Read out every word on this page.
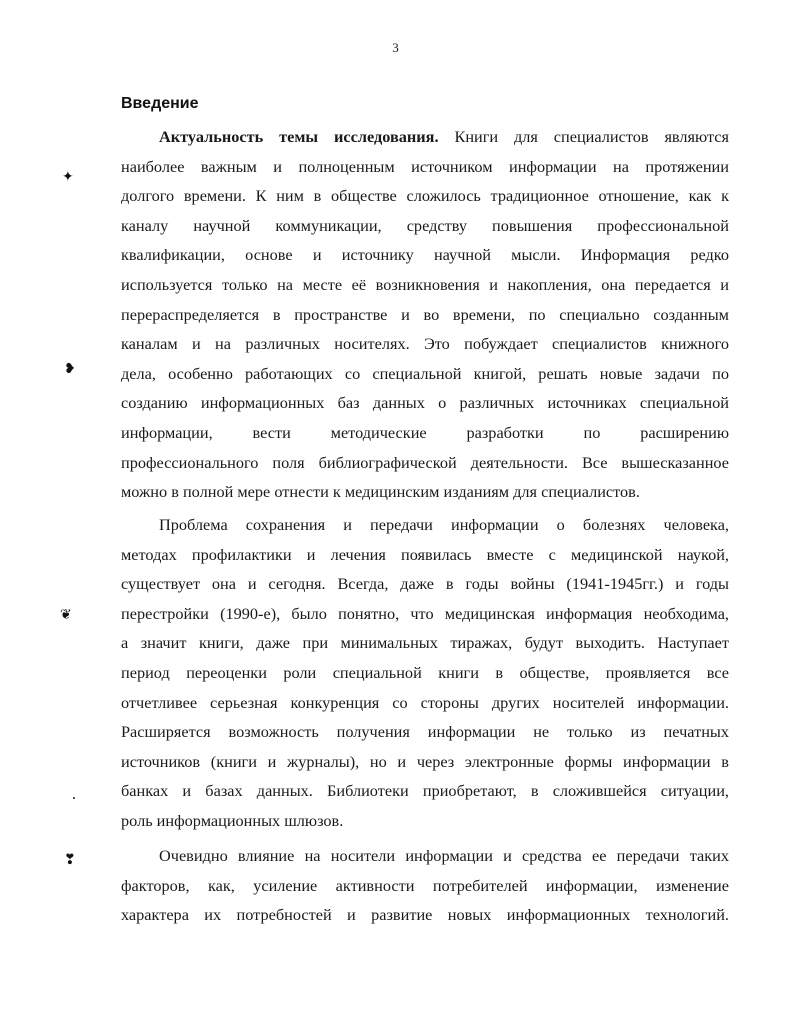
3
Введение

Актуальность темы исследования. Книги для специалистов являются
наиболее важным и полноценным источником информации на протяжении
долгого времени. К ним в обществе сложилось традиционное отношение, как к
каналу научной коммуникации, средству повышения профессиональной
квалификации, основе и источнику научной мысли. Информация редко
используется только на месте её возникновения и накопления, она передается и
перераспределяется в пространстве и во времени, по специально созданным
каналам и на различных носителях. Это побуждает специалистов книжного
дела, особенно работающих со специальной книгой, решать новые задачи по
созданию информационных баз данных о различных источниках специальной
информации, вести методические разработки по расширению
профессионального поля библиографической деятельности. Все вышесказанное
можно в полной мере отнести к медицинским изданиям для специалистов.

Проблема сохранения и передачи информации о болезнях человека,
методах профилактики и лечения появилась вместе с медицинской наукой,
существует она и сегодня. Всегда, даже в годы войны (1941-1945гг.) и годы
перестройки (1990-е), было понятно, что медицинская информация необходима,
а значит книги, даже при минимальных тиражах, будут выходить. Наступает
период переоценки роли специальной книги в обществе, проявляется все
отчетливее серьезная конкуренция со стороны других носителей информации.
Расширяется возможность получения информации не только из печатных
источников (книги и журналы), но и через электронные формы информации в
банках и базах данных. Библиотеки приобретают, в сложившейся ситуации,
роль информационных шлюзов.

Очевидно влияние на носители информации и средства ее передачи таких
факторов, как, усиление активности потребителей информации, изменение
характера их потребностей и развитие новых информационных технологий.

✦
❥
❦
❣
